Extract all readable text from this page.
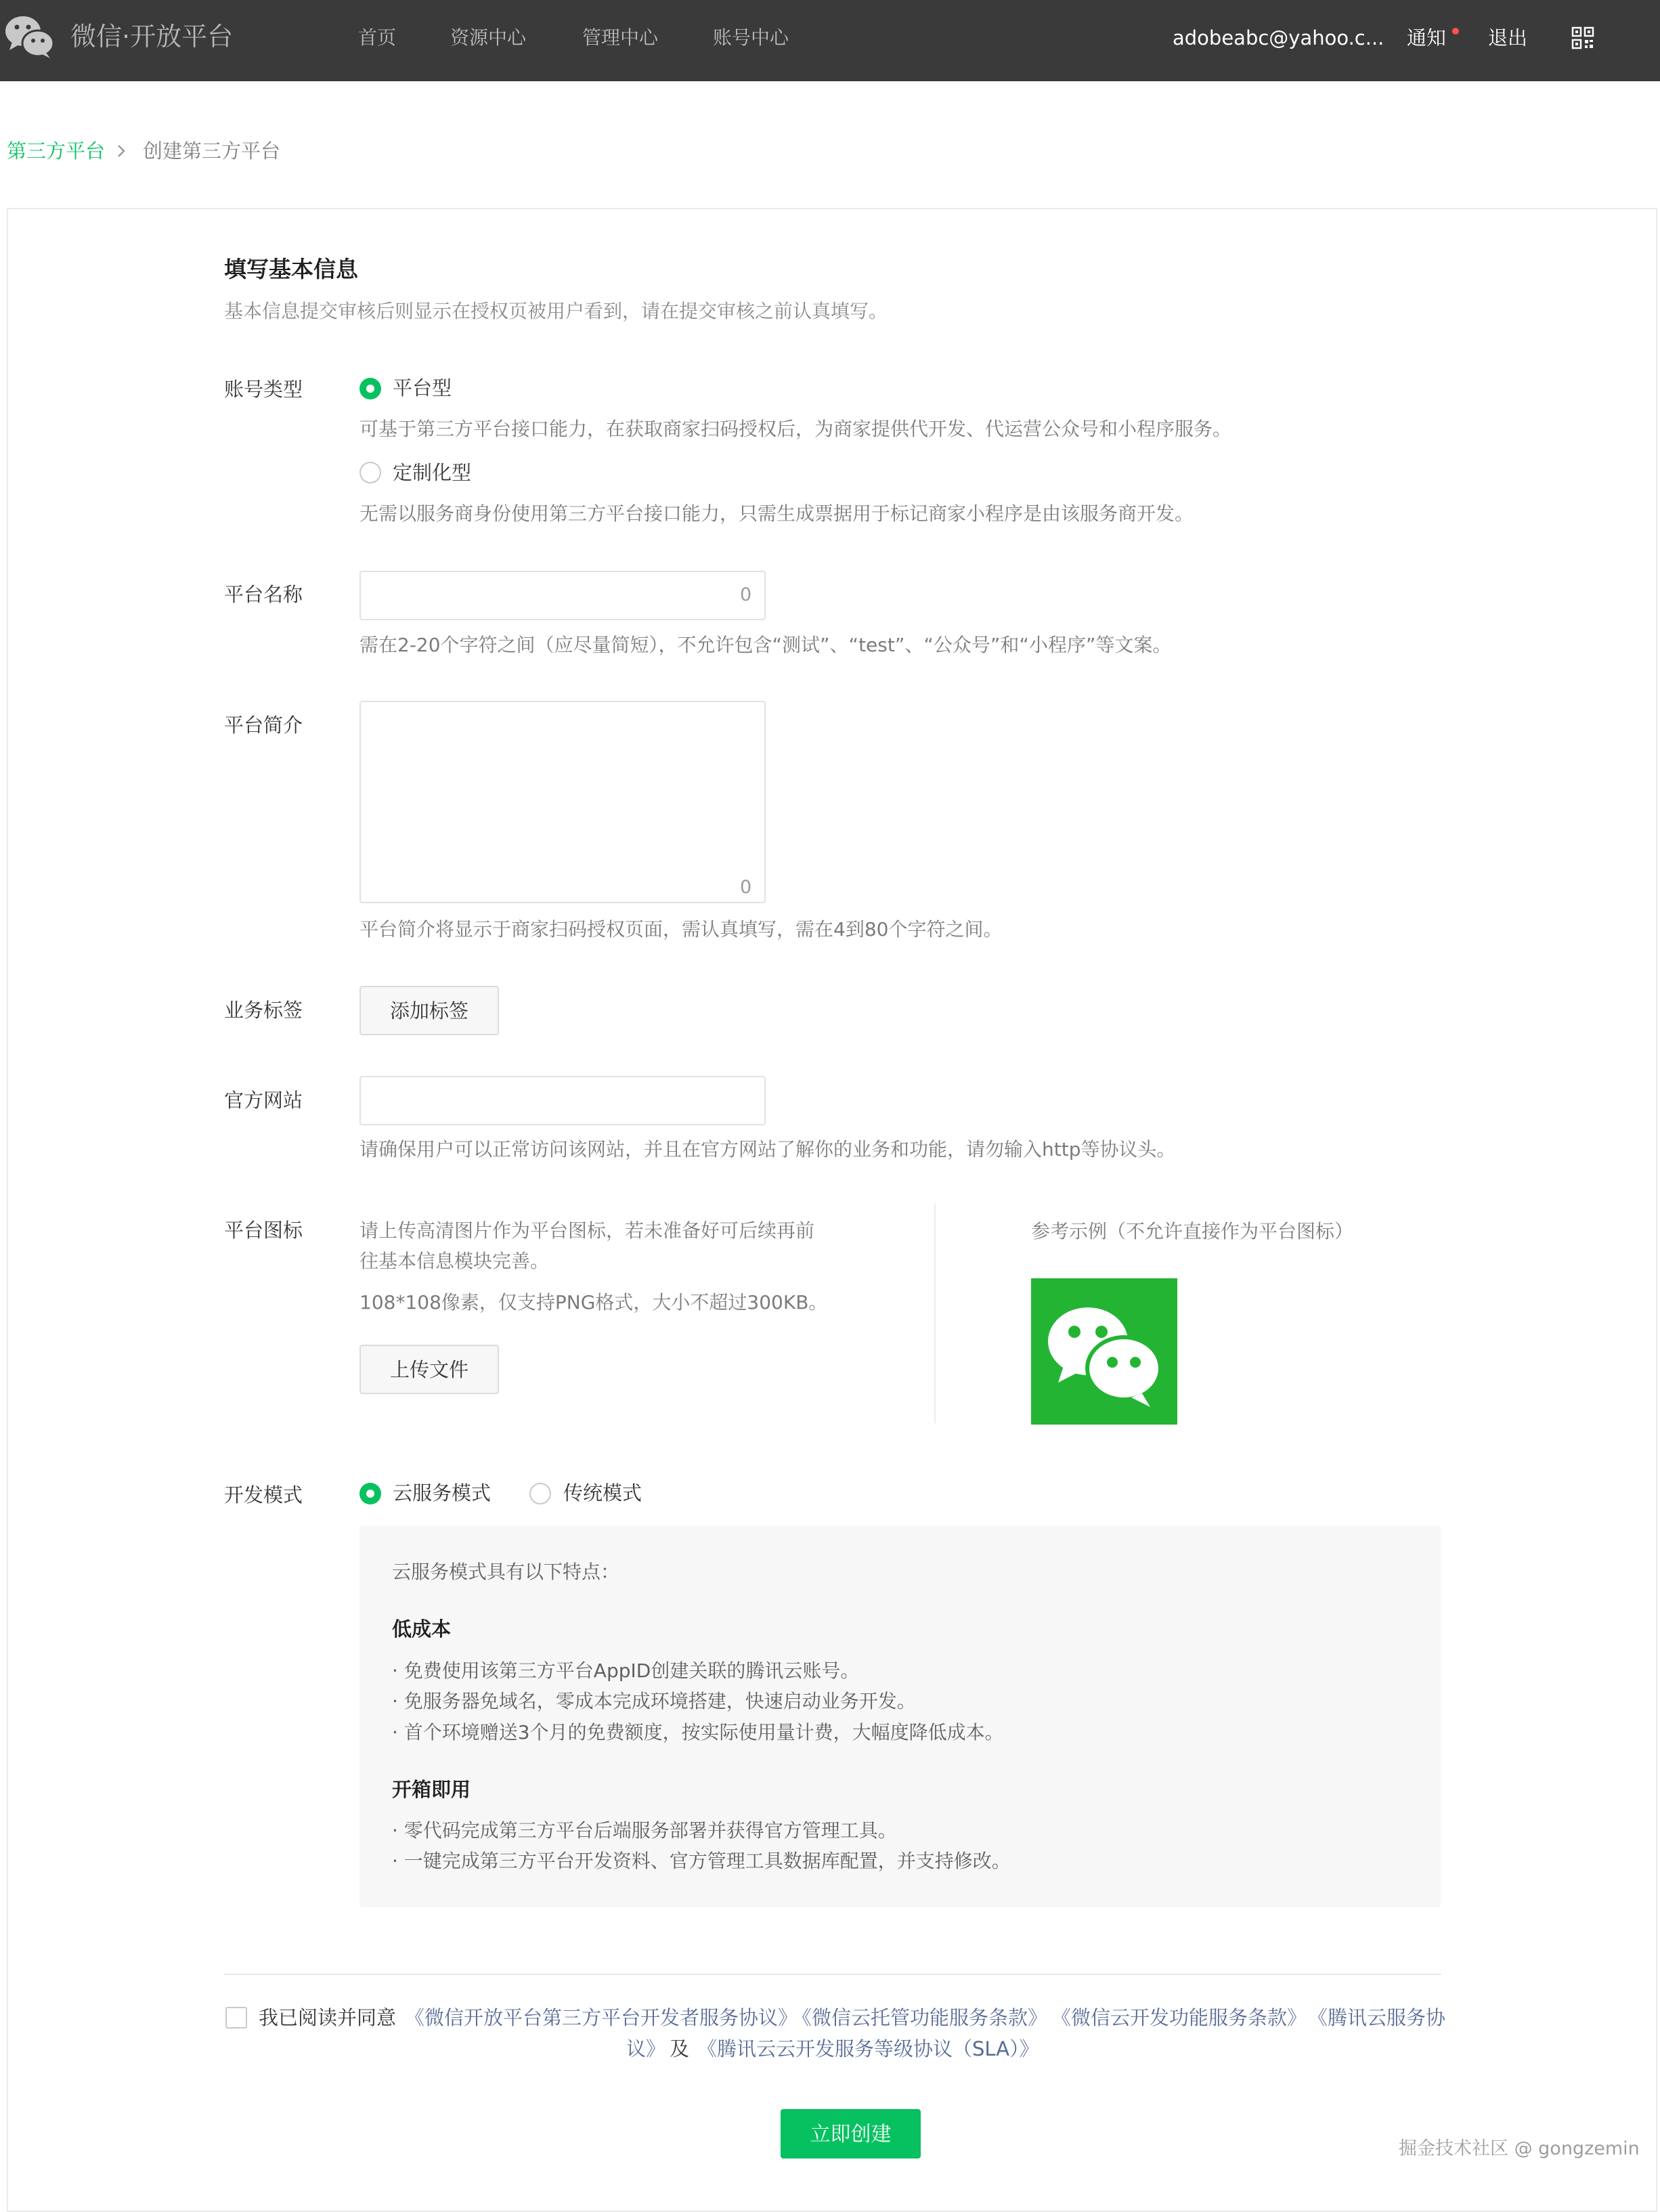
微信·开放平台	首页	资源中心	管理中心	账号中心	adobeabc@yahoo.c... 通知 退出
第三方平台 创建第三方平台
填写基本信息
基本信息提交审核后则显示在授权页被用户看到，请在提交审核之前认真填写。
账号类型	平台型
可基于第三方平台接口能力，在获取商家扫码授权后，为商家提供代开发、代运营公众号和小程序服务。
定制化型
无需以服务商身份使用第三方平台接口能力，只需生成票据用于标记商家小程序是由该服务商开发。
平台名称	0
需在2-20个字符之间（应尽量简短），不允许包含“测试”、“test”、“公众号”和“小程序”等文案。
平台简介
0
平台简介将显示于商家扫码授权页面，需认真填写，需在4到80个字符之间。
业务标签	添加标签
官方网站
请确保用户可以正常访问该网站，并且在官方网站了解你的业务和功能，请勿输入http等协议头。
平台图标	请上传高清图片作为平台图标，若未准备好可后续再前
往基本信息模块完善。
108*108像素，仅支持PNG格式，大小不超过300KB。
上传文件
参考示例（不允许直接作为平台图标）
开发模式	云服务模式	传统模式
云服务模式具有以下特点：
低成本
· 免费使用该第三方平台AppID创建关联的腾讯云账号。
· 免服务器免域名，零成本完成环境搭建，快速启动业务开发。
· 首个环境赠送3个月的免费额度，按实际使用量计费，大幅度降低成本。
开箱即用
· 零代码完成第三方平台后端服务部署并获得官方管理工具。
· 一键完成第三方平台开发资料、官方管理工具数据库配置，并支持修改。
我已阅读并同意 《微信开放平台第三方平台开发者服务协议》
《微信云托管功能服务条款》 《微信云开发功能服务条款》 《腾讯云服务协
议》 及 《腾讯云云开发服务等级协议（SLA）》
立即创建
掘金技术社区 @ gongzemin
